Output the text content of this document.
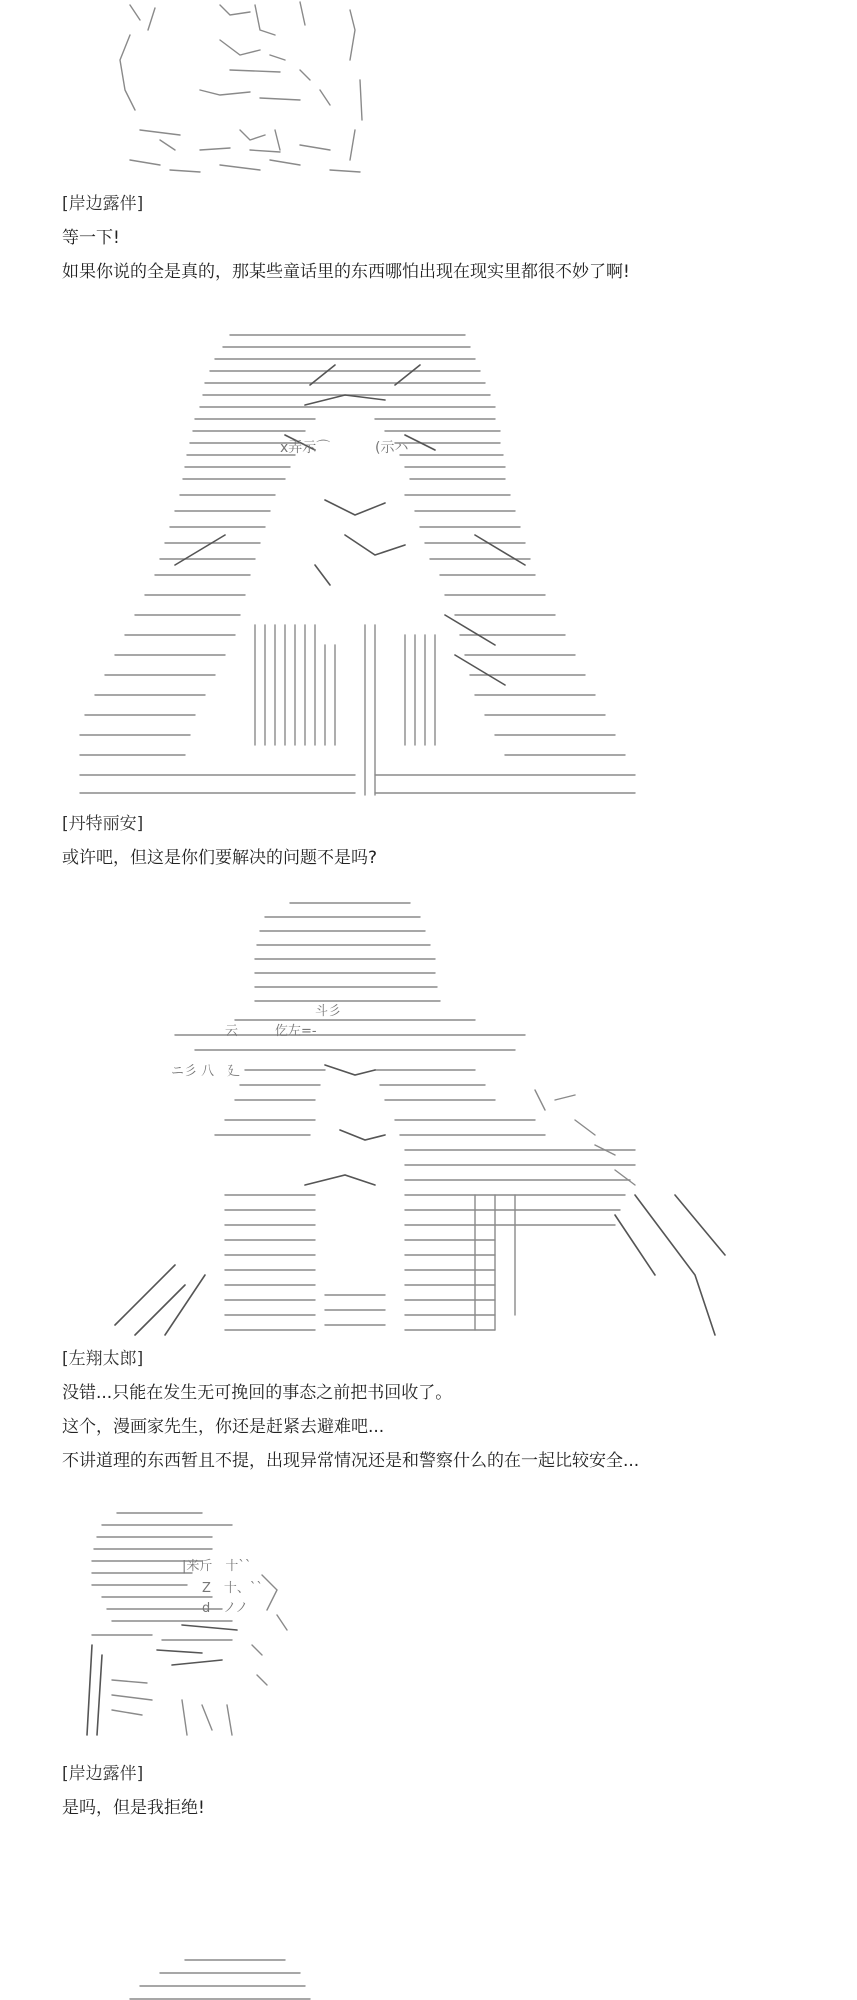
[岸边露伴]
等一下!
如果你说的全是真的，那某些童话里的东西哪怕出现在现实里都很不妙了啊!
x弄示⌒	(示ハ
[丹特丽安]
或许吧，但这是你们要解决的问题不是吗?
斗彡
仡左=-
云
ニ彡 八　廴
[左翔太郎]
没错...只能在发生无可挽回的事态之前把书回收了。
这个，漫画家先生，你还是赶紧去避难吧...
不讲道理的东西暂且不提，出现异常情况还是和警察什么的在一起比较安全...
|米斤　十``
Z　十、``
d　ノノ
[岸边露伴]
是吗，但是我拒绝!
